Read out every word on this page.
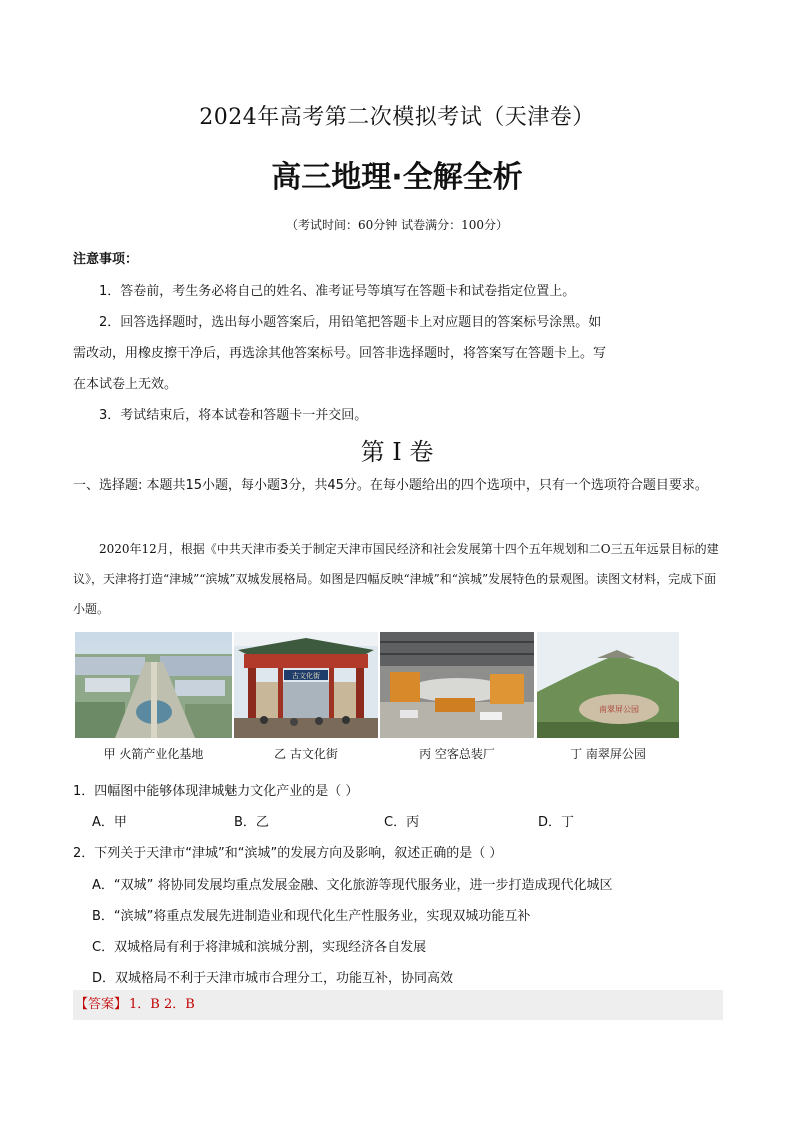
2024年高考第二次模拟考试（天津卷）
高三地理·全解全析
（考试时间：60分钟 试卷满分：100分）
注意事项：
1．答卷前，考生务必将自己的姓名、准考证号等填写在答题卡和试卷指定位置上。
2．回答选择题时，选出每小题答案后，用铅笔把答题卡上对应题目的答案标号涂黑。如
需改动，用橡皮擦干净后，再选涂其他答案标号。回答非选择题时，将答案写在答题卡上。写
在本试卷上无效。
3．考试结束后，将本试卷和答题卡一并交回。
第 I 卷
一、选择题: 本题共15小题，每小题3分，共45分。在每小题给出的四个选项中，只有一个选项符合题目要求。
2020年12月，根据《中共天津市委关于制定天津市国民经济和社会发展第十四个五年规划和二O三五年远景目标的建议》，天津将打造“津城”“滨城”双城发展格局。如图是四幅反映“津城”和“滨城”发展特色的景观图。读图文材料，完成下面小题。
古文化街
南翠屏公园
甲 火箭产业化基地	乙 古文化街	丙 空客总装厂	丁 南翠屏公园
1．四幅图中能够体现津城魅力文化产业的是（ ）
A．甲	B．乙	C．丙	D．丁
2．下列关于天津市“津城”和“滨城”的发展方向及影响，叙述正确的是（ ）
A．“双城” 将协同发展均重点发展金融、文化旅游等现代服务业，进一步打造成现代化城区
B．“滨城”将重点发展先进制造业和现代化生产性服务业，实现双城功能互补
C．双城格局有利于将津城和滨城分割，实现经济各自发展
D．双城格局不利于天津市城市合理分工，功能互补，协同高效
【答案】 1．B 2．B
